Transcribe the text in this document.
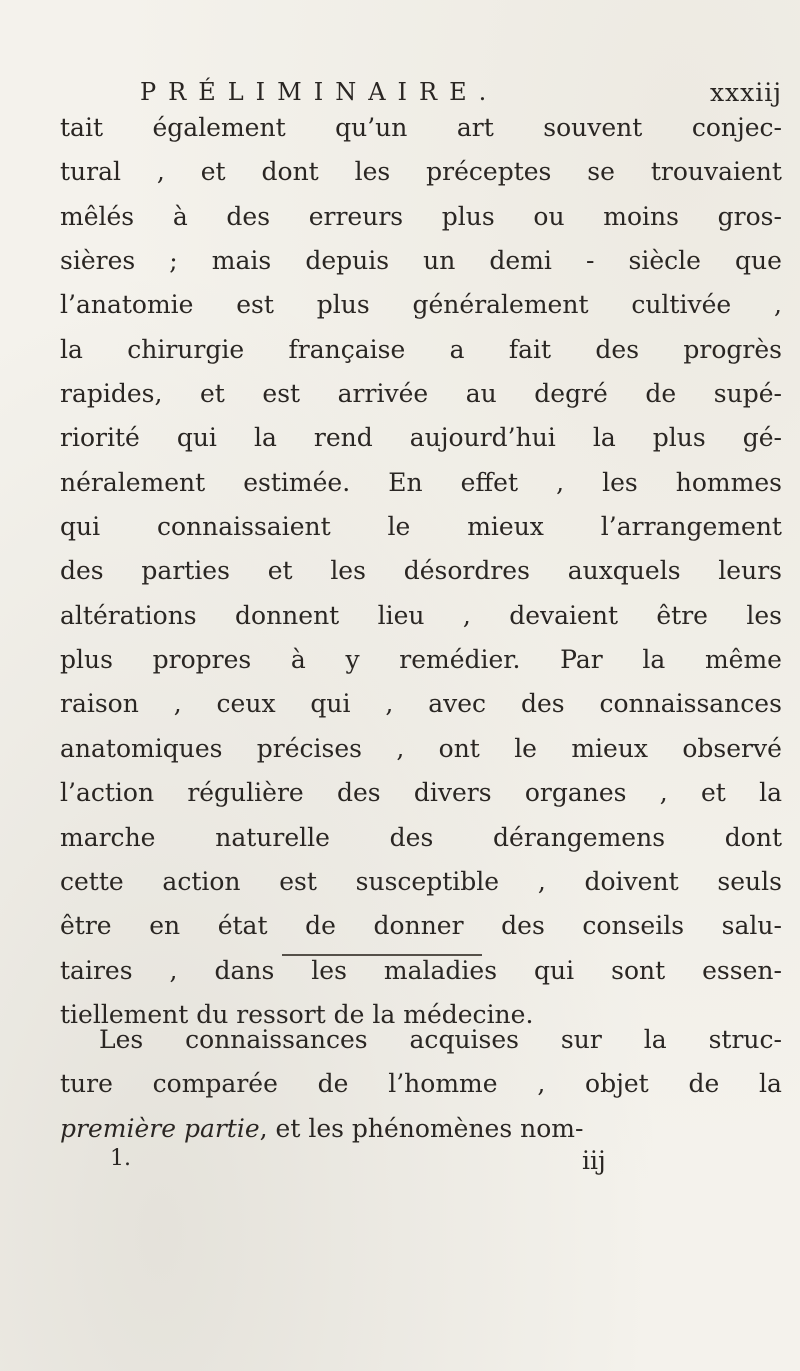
PRÉLIMINAIRE.	xxxiij
tait également qu’un art souvent conjec-
tural , et dont les préceptes se trouvaient
mêlés à des erreurs plus ou moins gros-
sières ; mais depuis un demi - siècle que
l’anatomie est plus généralement cultivée ,
la chirurgie française a fait des progrès
rapides, et est arrivée au degré de supé-
riorité qui la rend aujourd’hui la plus gé-
néralement estimée. En effet , les hommes
qui connaissaient le mieux l’arrangement
des parties et les désordres auxquels leurs
altérations donnent lieu , devaient être les
plus propres à y remédier. Par la même
raison , ceux qui , avec des connaissances
anatomiques précises , ont le mieux observé
l’action régulière des divers organes , et la
marche naturelle des dérangemens dont
cette action est susceptible , doivent seuls
être en état de donner des conseils salu-
taires , dans les maladies qui sont essen-
tiellement du ressort de la médecine.
Les connaissances acquises sur la struc-
ture comparée de l’homme , objet de la
première partie, et les phénomènes nom-
1.	iij
